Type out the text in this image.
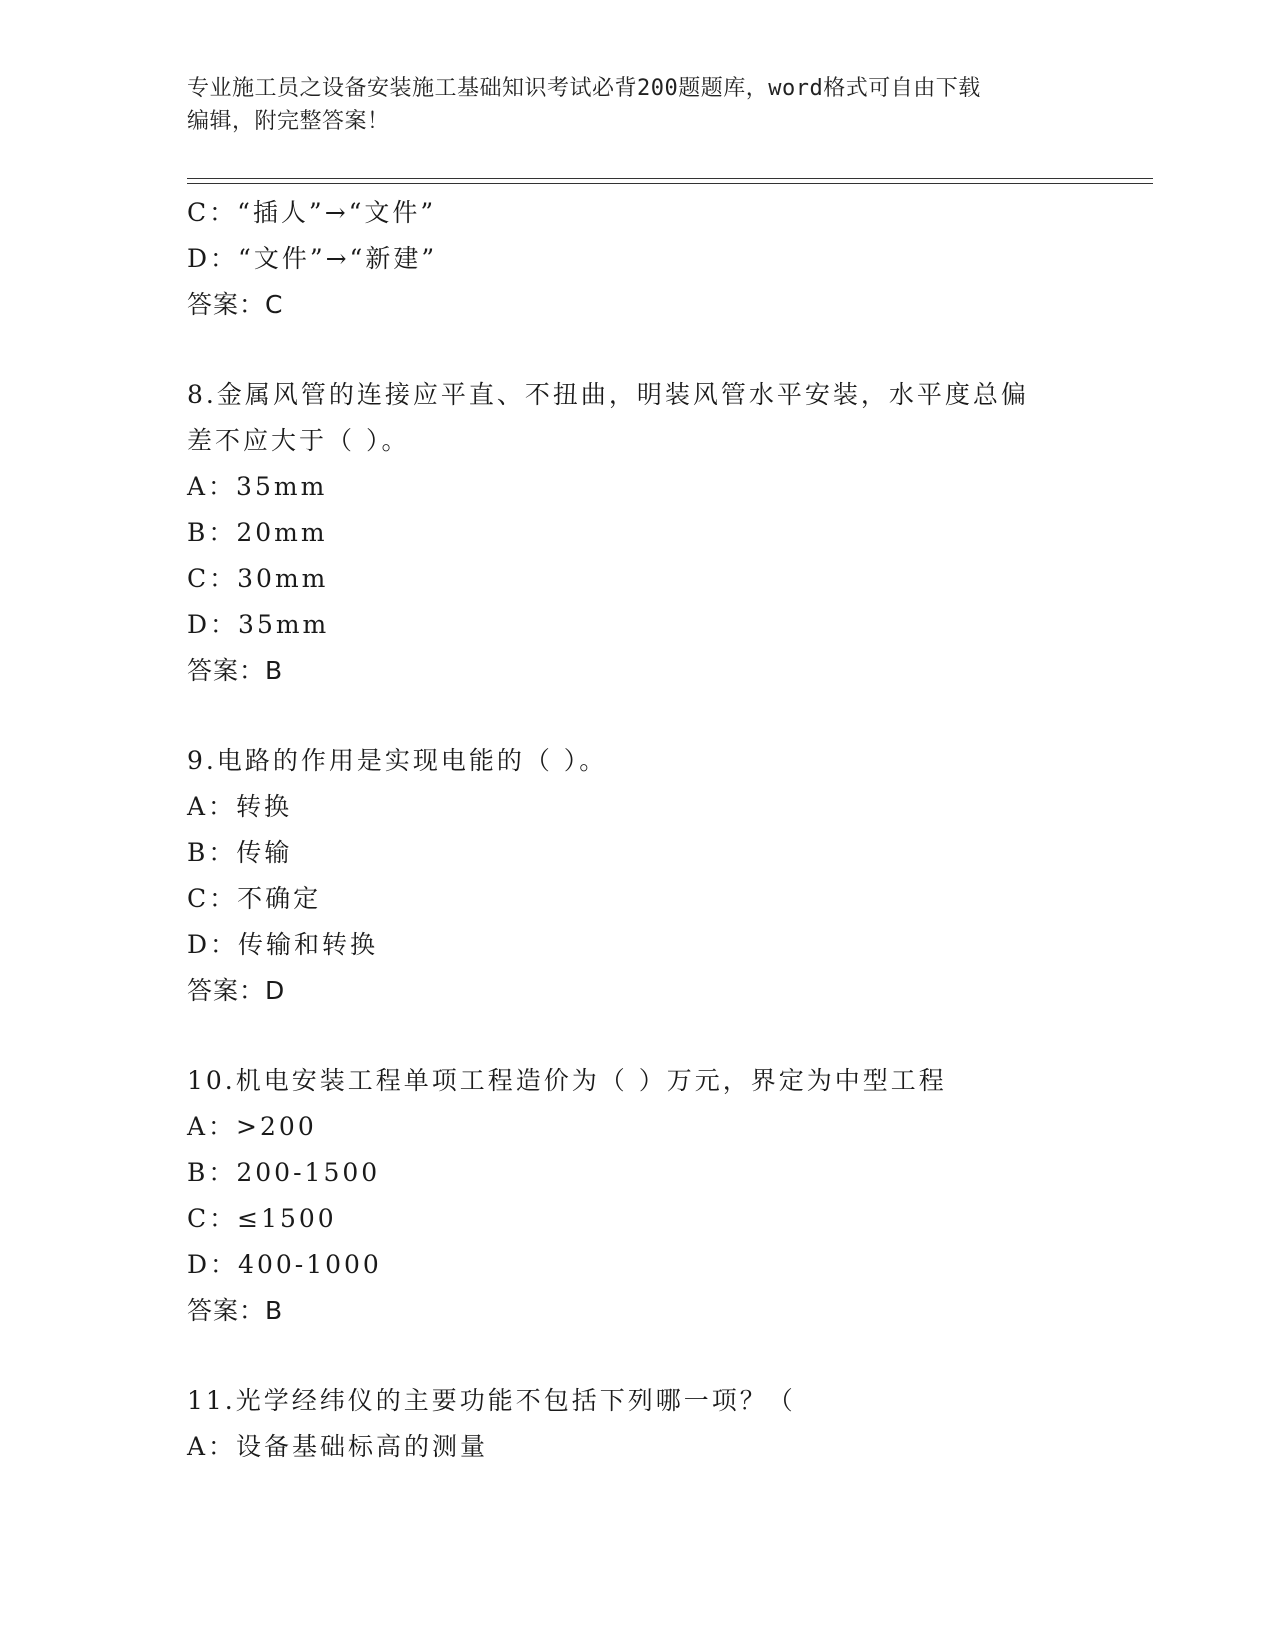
专业施工员之设备安装施工基础知识考试必背200题题库，word格式可自由下载
编辑，附完整答案！
C：“插人”→“文件”
D：“文件”→“新建”
答案：C
8.金属风管的连接应平直、不扭曲，明装风管水平安装，水平度总偏
差不应大于（ ）。
A：35mm
B：20mm
C：30mm
D：35mm
答案：B
9.电路的作用是实现电能的（ ）。
A：转换
B：传输
C：不确定
D：传输和转换
答案：D
10.机电安装工程单项工程造价为（ ）万元，界定为中型工程
A：>200
B：200-1500
C：≤1500
D：400-1000
答案：B
11.光学经纬仪的主要功能不包括下列哪一项？（
A：设备基础标高的测量
